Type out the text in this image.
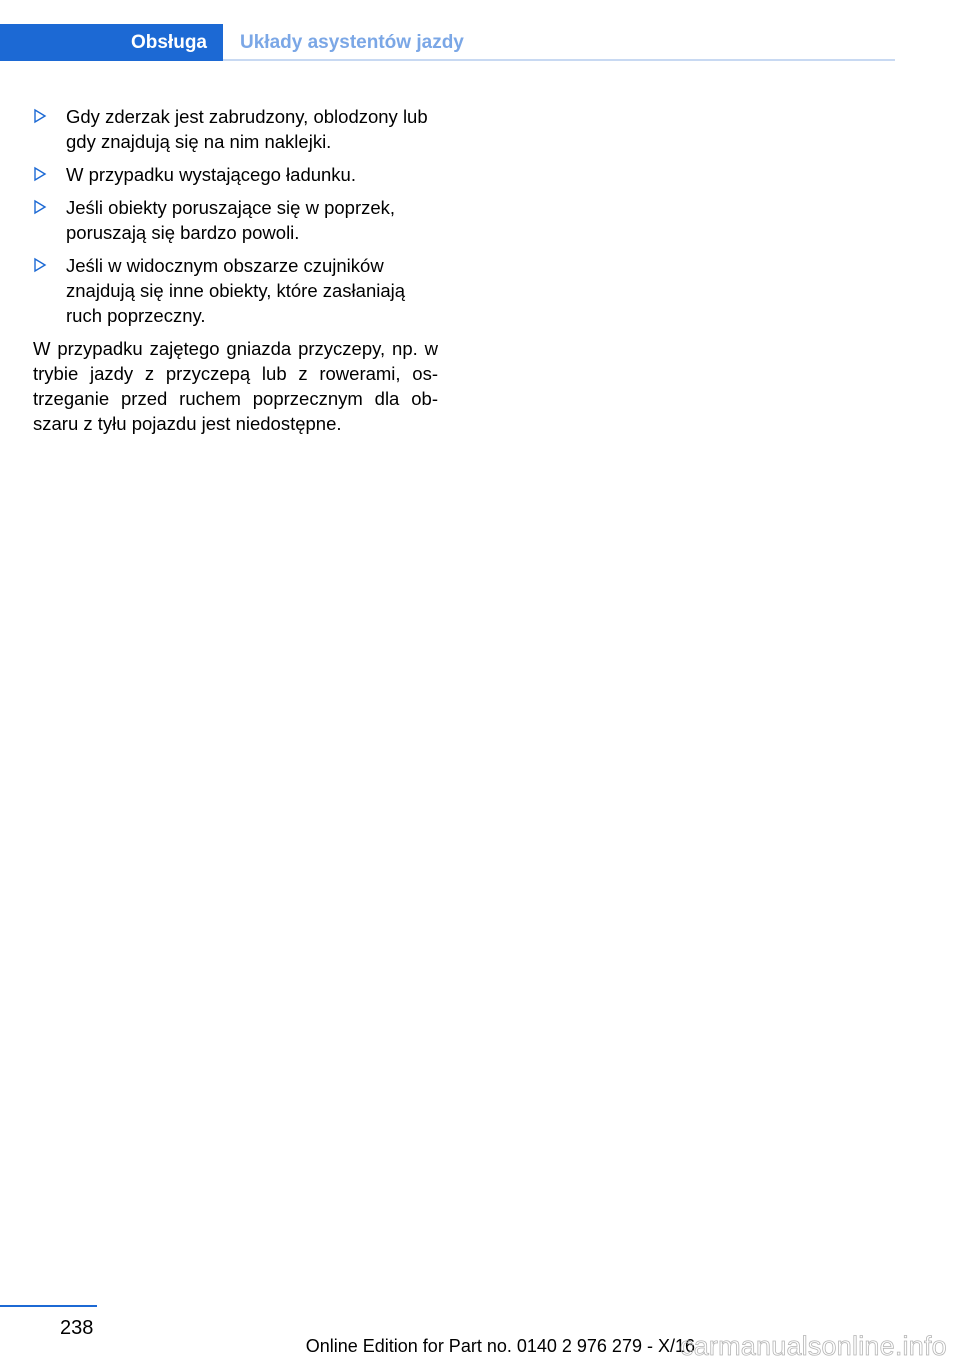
Obsługa	Układy asystentów jazdy
Gdy zderzak jest zabrudzony, oblodzony lub gdy znajdują się na nim naklejki.
W przypadku wystającego ładunku.
Jeśli obiekty poruszające się w poprzek, poruszają się bardzo powoli.
Jeśli w widocznym obszarze czujników znajdują się inne obiekty, które zasłaniają ruch poprzeczny.

W przypadku zajętego gniazda przyczepy, np. w trybie jazdy z przyczepą lub z rowerami, ostrzeganie przed ruchem poprzecznym dla obszaru z tyłu pojazdu jest niedostępne.

238
Online Edition for Part no. 0140 2 976 279 - X/16
carmanualsonline.info
